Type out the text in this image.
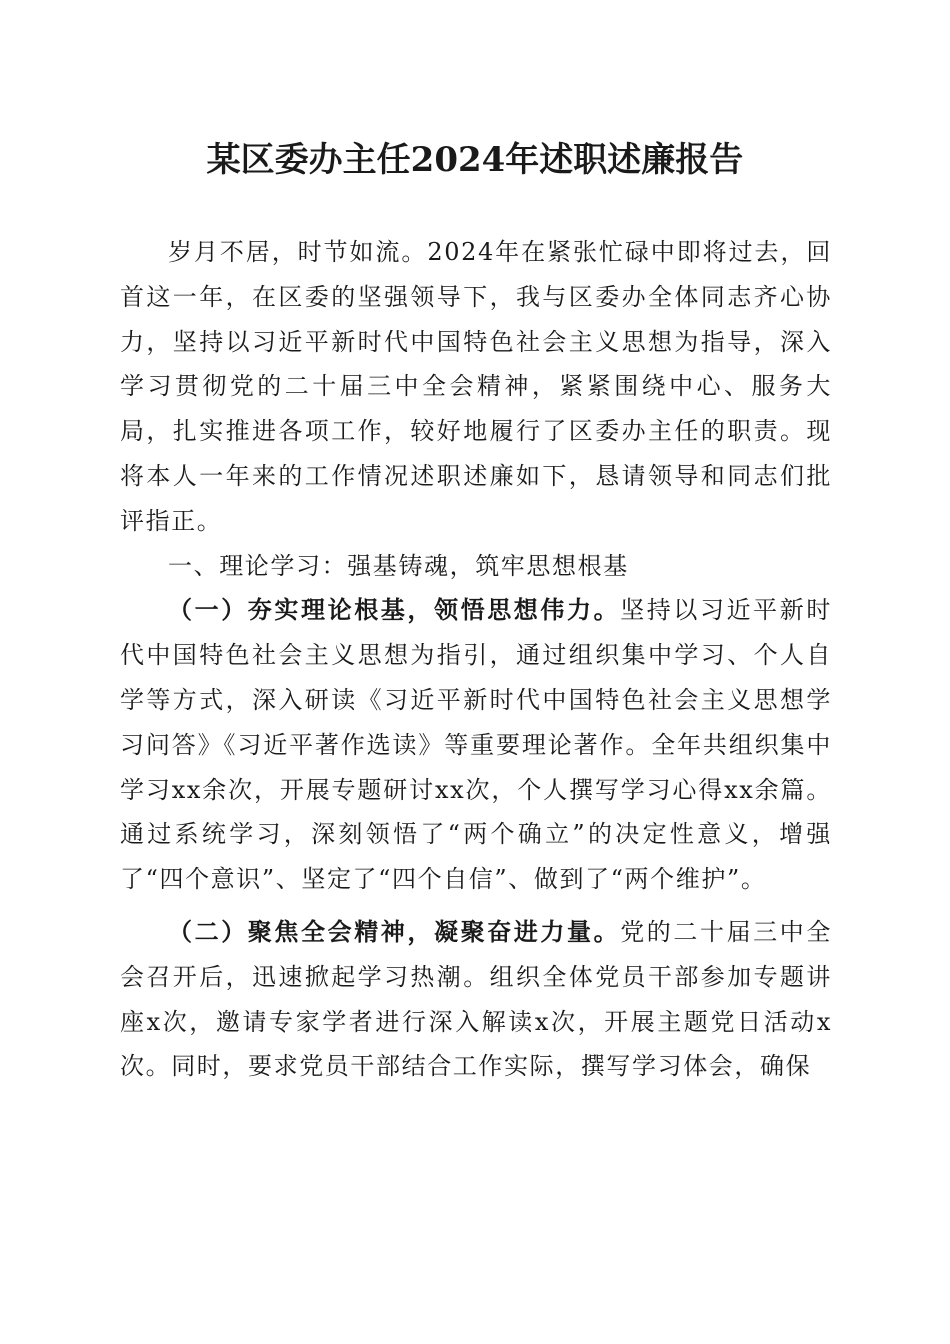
某区委办主任2024年述职述廉报告

岁月不居，时节如流。2024年在紧张忙碌中即将过去，回首这一年，在区委的坚强领导下，我与区委办全体同志齐心协力，坚持以习近平新时代中国特色社会主义思想为指导，深入学习贯彻党的二十届三中全会精神，紧紧围绕中心、服务大局，扎实推进各项工作，较好地履行了区委办主任的职责。现将本人一年来的工作情况述职述廉如下，恳请领导和同志们批评指正。

一、理论学习：强基铸魂，筑牢思想根基

（一）夯实理论根基，领悟思想伟力。坚持以习近平新时代中国特色社会主义思想为指引，通过组织集中学习、个人自学等方式，深入研读《习近平新时代中国特色社会主义思想学习问答》《习近平著作选读》等重要理论著作。全年共组织集中学习xx余次，开展专题研讨xx次，个人撰写学习心得xx余篇。通过系统学习，深刻领悟了“两个确立”的决定性意义，增强了“四个意识”、坚定了“四个自信”、做到了“两个维护”。

（二）聚焦全会精神，凝聚奋进力量。党的二十届三中全会召开后，迅速掀起学习热潮。组织全体党员干部参加专题讲座x次，邀请专家学者进行深入解读x次，开展主题党日活动x次。同时，要求党员干部结合工作实际，撰写学习体会，确保
